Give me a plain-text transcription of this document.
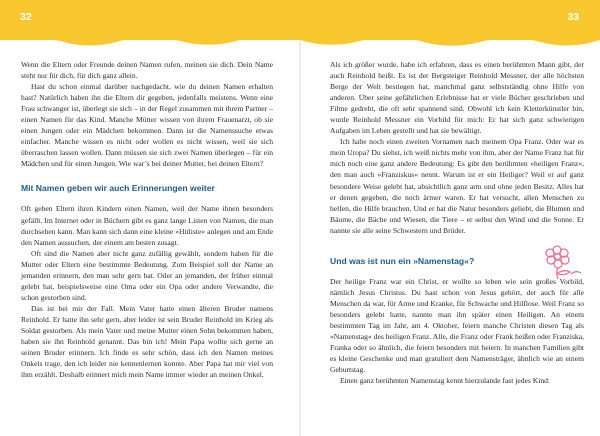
32	33

Wenn die Eltern oder Freunde deinen Namen rufen, meinen sie dich. Dein Name steht nur für dich, für dich ganz allein.

Hast du schon einmal darüber nachgedacht, wie du deinen Namen erhalten hast? Natürlich haben ihn die Eltern dir gegeben, jedenfalls meistens. Wenn eine Frau schwanger ist, überlegt sie sich – in der Regel zusammen mit ihrem Partner – einen Namen für das Kind. Manche Mütter wissen von ihrem Frauenarzt, ob sie einen Jungen oder ein Mädchen bekommen. Dann ist die Namenssuche etwas einfacher. Manche wissen es nicht oder wollen es nicht wissen, weil sie sich überraschen lassen wollen. Dann müssen sie sich zwei Namen überlegen – für ein Mädchen und für einen Jungen. Wie war’s bei deiner Mutter, bei deinen Eltern?

Mit Namen geben wir auch Erinnerungen weiter

Oft geben Eltern ihren Kindern einen Namen, weil der Name ihnen besonders gefällt. Im Internet oder in Büchern gibt es ganz lange Listen von Namen, die man durchsehen kann. Man kann sich dann eine kleine »Hitliste« anlegen und am Ende den Namen aussuchen, der einem am besten zusagt.

Oft sind die Namen aber nicht ganz zufällig gewählt, sondern haben für die Mutter oder Eltern eine bestimmte Bedeutung. Zum Beispiel soll der Name an jemanden erinnern, den man sehr gern hat. Oder an jemanden, der früher einmal gelebt hat, beispielsweise eine Oma oder ein Opa oder andere Verwandte, die schon gestorben sind.

Das ist bei mir der Fall. Mein Vater hatte einen älteren Bruder namens Reinhold. Er hatte ihn sehr gern, aber leider ist sein Bruder Reinhold im Krieg als Soldat gestorben. Als mein Vater und meine Mutter einen Sohn bekommen haben, haben sie ihn Reinhold genannt. Das bin ich! Mein Papa wollte sich gerne an seinen Bruder erinnern. Ich finde es sehr schön, dass ich den Namen meines Onkels trage, den ich leider nie kennenlernen konnte. Aber Papa hat mir viel von ihm erzählt. Deshalb erinnert mich mein Name immer wieder an meinen Onkel.

Als ich größer wurde, habe ich erfahren, dass es einen berühmten Mann gibt, der auch Reinhold heißt. Es ist der Bergsteiger Reinhold Messner, der alle höchsten Berge der Welt bestiegen hat, manchmal ganz selbstständig ohne Hilfe von anderen. Über seine gefährlichen Erlebnisse hat er viele Bücher geschrieben und Filme gedreht, die oft sehr spannend sind. Obwohl ich kein Kletterkünstler bin, wurde Reinhold Messner ein Vorbild für mich: Er hat sich ganz schwierigen Aufgaben im Leben gestellt und hat sie bewältigt.

Ich habe noch einen zweiten Vornamen nach meinem Opa Franz. Oder war es mein Uropa? Du siehst, ich weiß nichts mehr von ihm, aber der Name Franz hat für mich noch eine ganz andere Bedeutung: Es gibt den berühmten »heiligen Franz«, den man auch »Franziskus« nennt. Warum ist er ein Heiliger? Weil er auf ganz besondere Weise gelebt hat, absichtlich ganz arm und ohne jeden Besitz. Alles hat er denen gegeben, die noch ärmer waren. Er hat versucht, allen Menschen zu helfen, die Hilfe brauchen. Und er hat die Natur besonders geliebt, die Blumen und Bäume, die Bäche und Wiesen, die Tiere – er selbst den Wind und die Sonne. Er nannte sie alle seine Schwestern und Brüder.

Und was ist nun ein »Namenstag«?

Der heilige Franz war ein Christ, er wollte so leben wie sein großes Vorbild, nämlich Jesus Christus. Du hast schon von Jesus gehört, der auch für alle Menschen da war, für Arme und Kranke, für Schwache und Hilflose. Weil Franz so besonders gelebt hatte, nannte man ihn später einen Heiligen. An einem bestimmten Tag im Jahr, am 4. Oktober, feiern manche Christen diesen Tag als »Namenstag« des heiligen Franz. Alle, die Franz oder Frank heißen oder Franziska, Franka oder so ähnlich, die feiern besonders mit heiern. In manchen Familien gibt es kleine Geschenke und man gratuliert dem Namensträger, ähnlich wie an einem Geburtstag.

Einen ganz berühmten Namenstag kennt hierzulande fast jedes Kind:
